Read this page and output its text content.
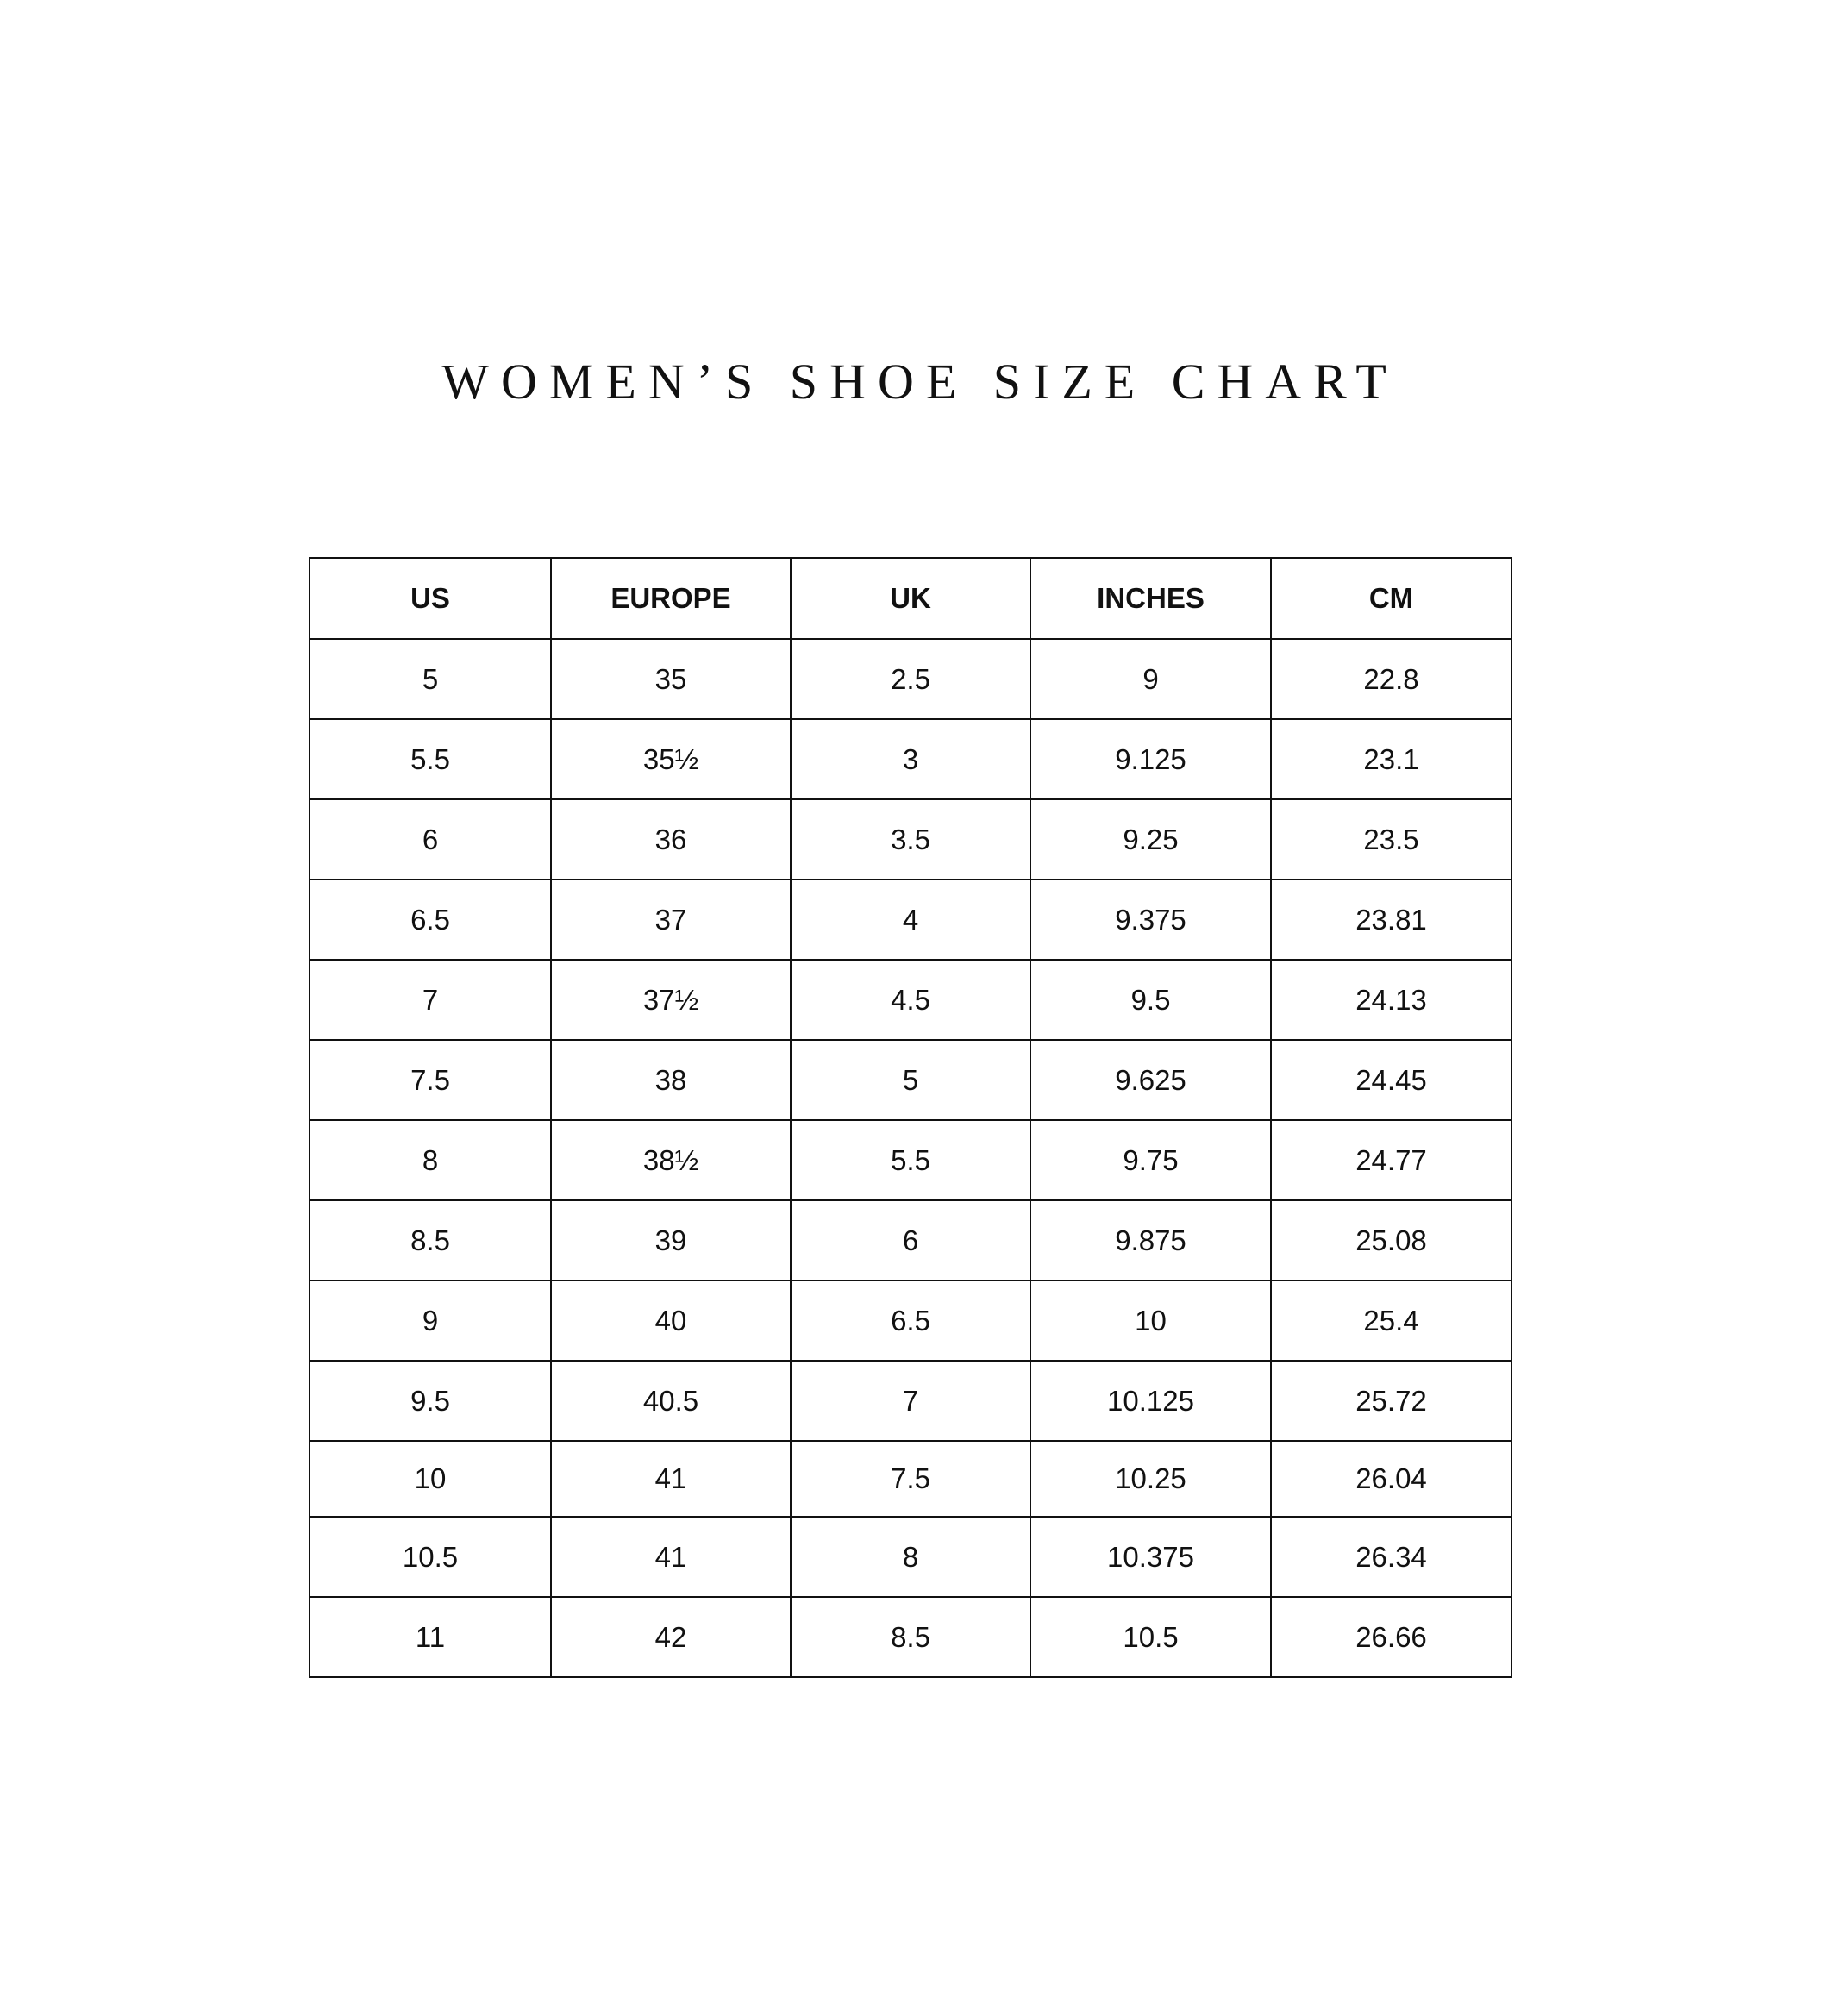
WOMEN’S SHOE SIZE CHART
US	EUROPE	UK	INCHES	CM
5	35	2.5	9	22.8
5.5	35½	3	9.125	23.1
6	36	3.5	9.25	23.5
6.5	37	4	9.375	23.81
7	37½	4.5	9.5	24.13
7.5	38	5	9.625	24.45
8	38½	5.5	9.75	24.77
8.5	39	6	9.875	25.08
9	40	6.5	10	25.4
9.5	40.5	7	10.125	25.72
10	41	7.5	10.25	26.04
10.5	41	8	10.375	26.34
11	42	8.5	10.5	26.66
